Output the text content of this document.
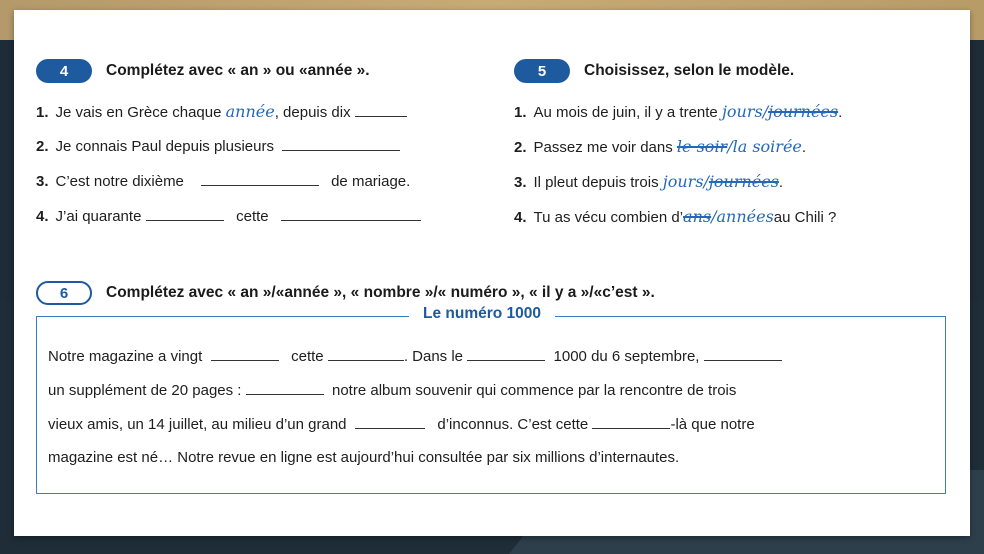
4	Complétez avec « an » ou «année ».
1. Je vais en Grèce chaque
année , depuis dix

2. Je connais Paul depuis plusieurs

3. C’est notre dixième

	de mariage.
4. J’ai quarante

	cette

5	Choisissez, selon le modèle.
1. Au mois de juin, il y a trente
jours/ journées .
2. Passez me voir dans
le soir /la soirée .
3. Il pleut depuis trois
jours/ journées .
4. Tu as vécu combien d’ ans /années au Chili ?
6	Complétez avec « an »/«année », « nombre »/« numéro », « il y a »/«c’est ».
Le numéro 1000
Notre magazine a vingt

	cette
	. Dans le

	1000 du 6 septembre,

un supplément de 20 pages :

	notre album souvenir qui commence par la rencontre de trois
vieux amis, un 14 juillet, au milieu d’un grand

	d’inconnus. C’est cette
	-là que notre
magazine est né… Notre revue en ligne est aujourd’hui consultée par six millions d’internautes.
